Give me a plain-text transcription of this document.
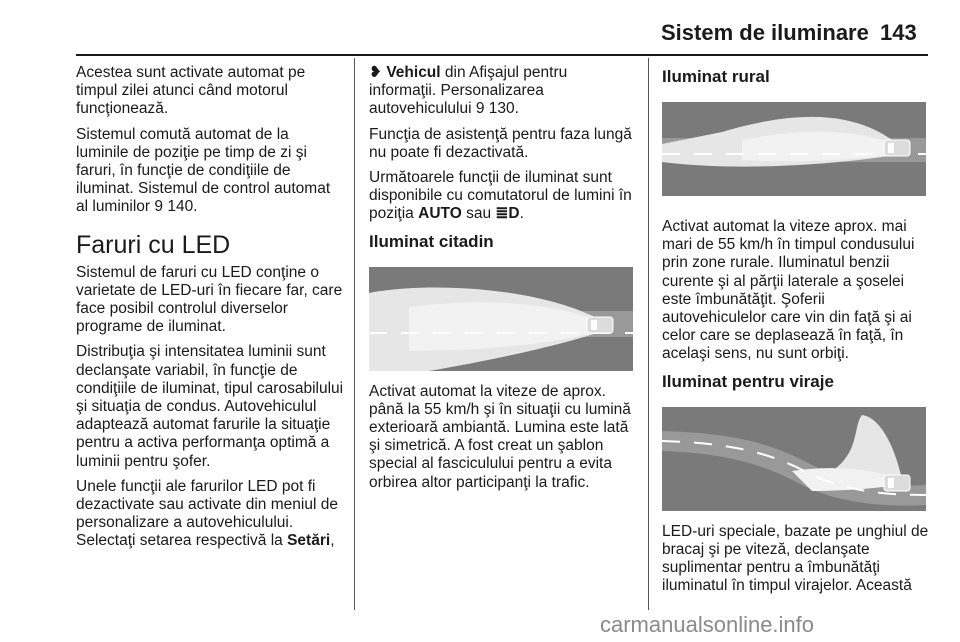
Sistem de iluminare 143

Acestea sunt activate automat pe timpul zilei atunci când motorul funcţionează.

Sistemul comută automat de la luminile de poziţie pe timp de zi şi faruri, în funcţie de condiţiile de iluminat. Sistemul de control automat al luminilor 9 140.

Faruri cu LED

Sistemul de faruri cu LED conţine o varietate de LED-uri în fiecare far, care face posibil controlul diverselor programe de iluminat.

Distribuţia şi intensitatea luminii sunt declanşate variabil, în funcţie de condiţiile de iluminat, tipul carosabilului şi situaţia de condus. Autovehiculul adaptează automat farurile la situaţie pentru a activa performanţa optimă a luminii pentru şofer.

Unele funcţii ale farurilor LED pot fi dezactivate sau activate din meniul de personalizare a autovehiculului. Selectaţi setarea respectivă la Setări,

❥ Vehicul din Afişajul pentru informaţii. Personalizarea autovehiculului 9 130.

Funcţia de asistenţă pentru faza lungă nu poate fi dezactivată.

Următoarele funcţii de iluminat sunt disponibile cu comutatorul de lumini în poziţia AUTO sau ≣D.

Iluminat citadin

Activat automat la viteze de aprox. până la 55 km/h şi în situaţii cu lumină exterioară ambiantă. Lumina este lată şi simetrică. A fost creat un şablon special al fasciculului pentru a evita orbirea altor participanţi la trafic.

Iluminat rural

Activat automat la viteze aprox. mai mari de 55 km/h în timpul condusului prin zone rurale. Iluminatul benzii curente şi al părţii laterale a şoselei este îmbunătăţit. Şoferii autovehiculelor care vin din faţă şi ai celor care se deplasează în faţă, în acelaşi sens, nu sunt orbiţi.

Iluminat pentru viraje

LED-uri speciale, bazate pe unghiul de bracaj şi pe viteză, declanşate suplimentar pentru a îmbunătăţi iluminatul în timpul virajelor. Această

carmanualsonline.info
